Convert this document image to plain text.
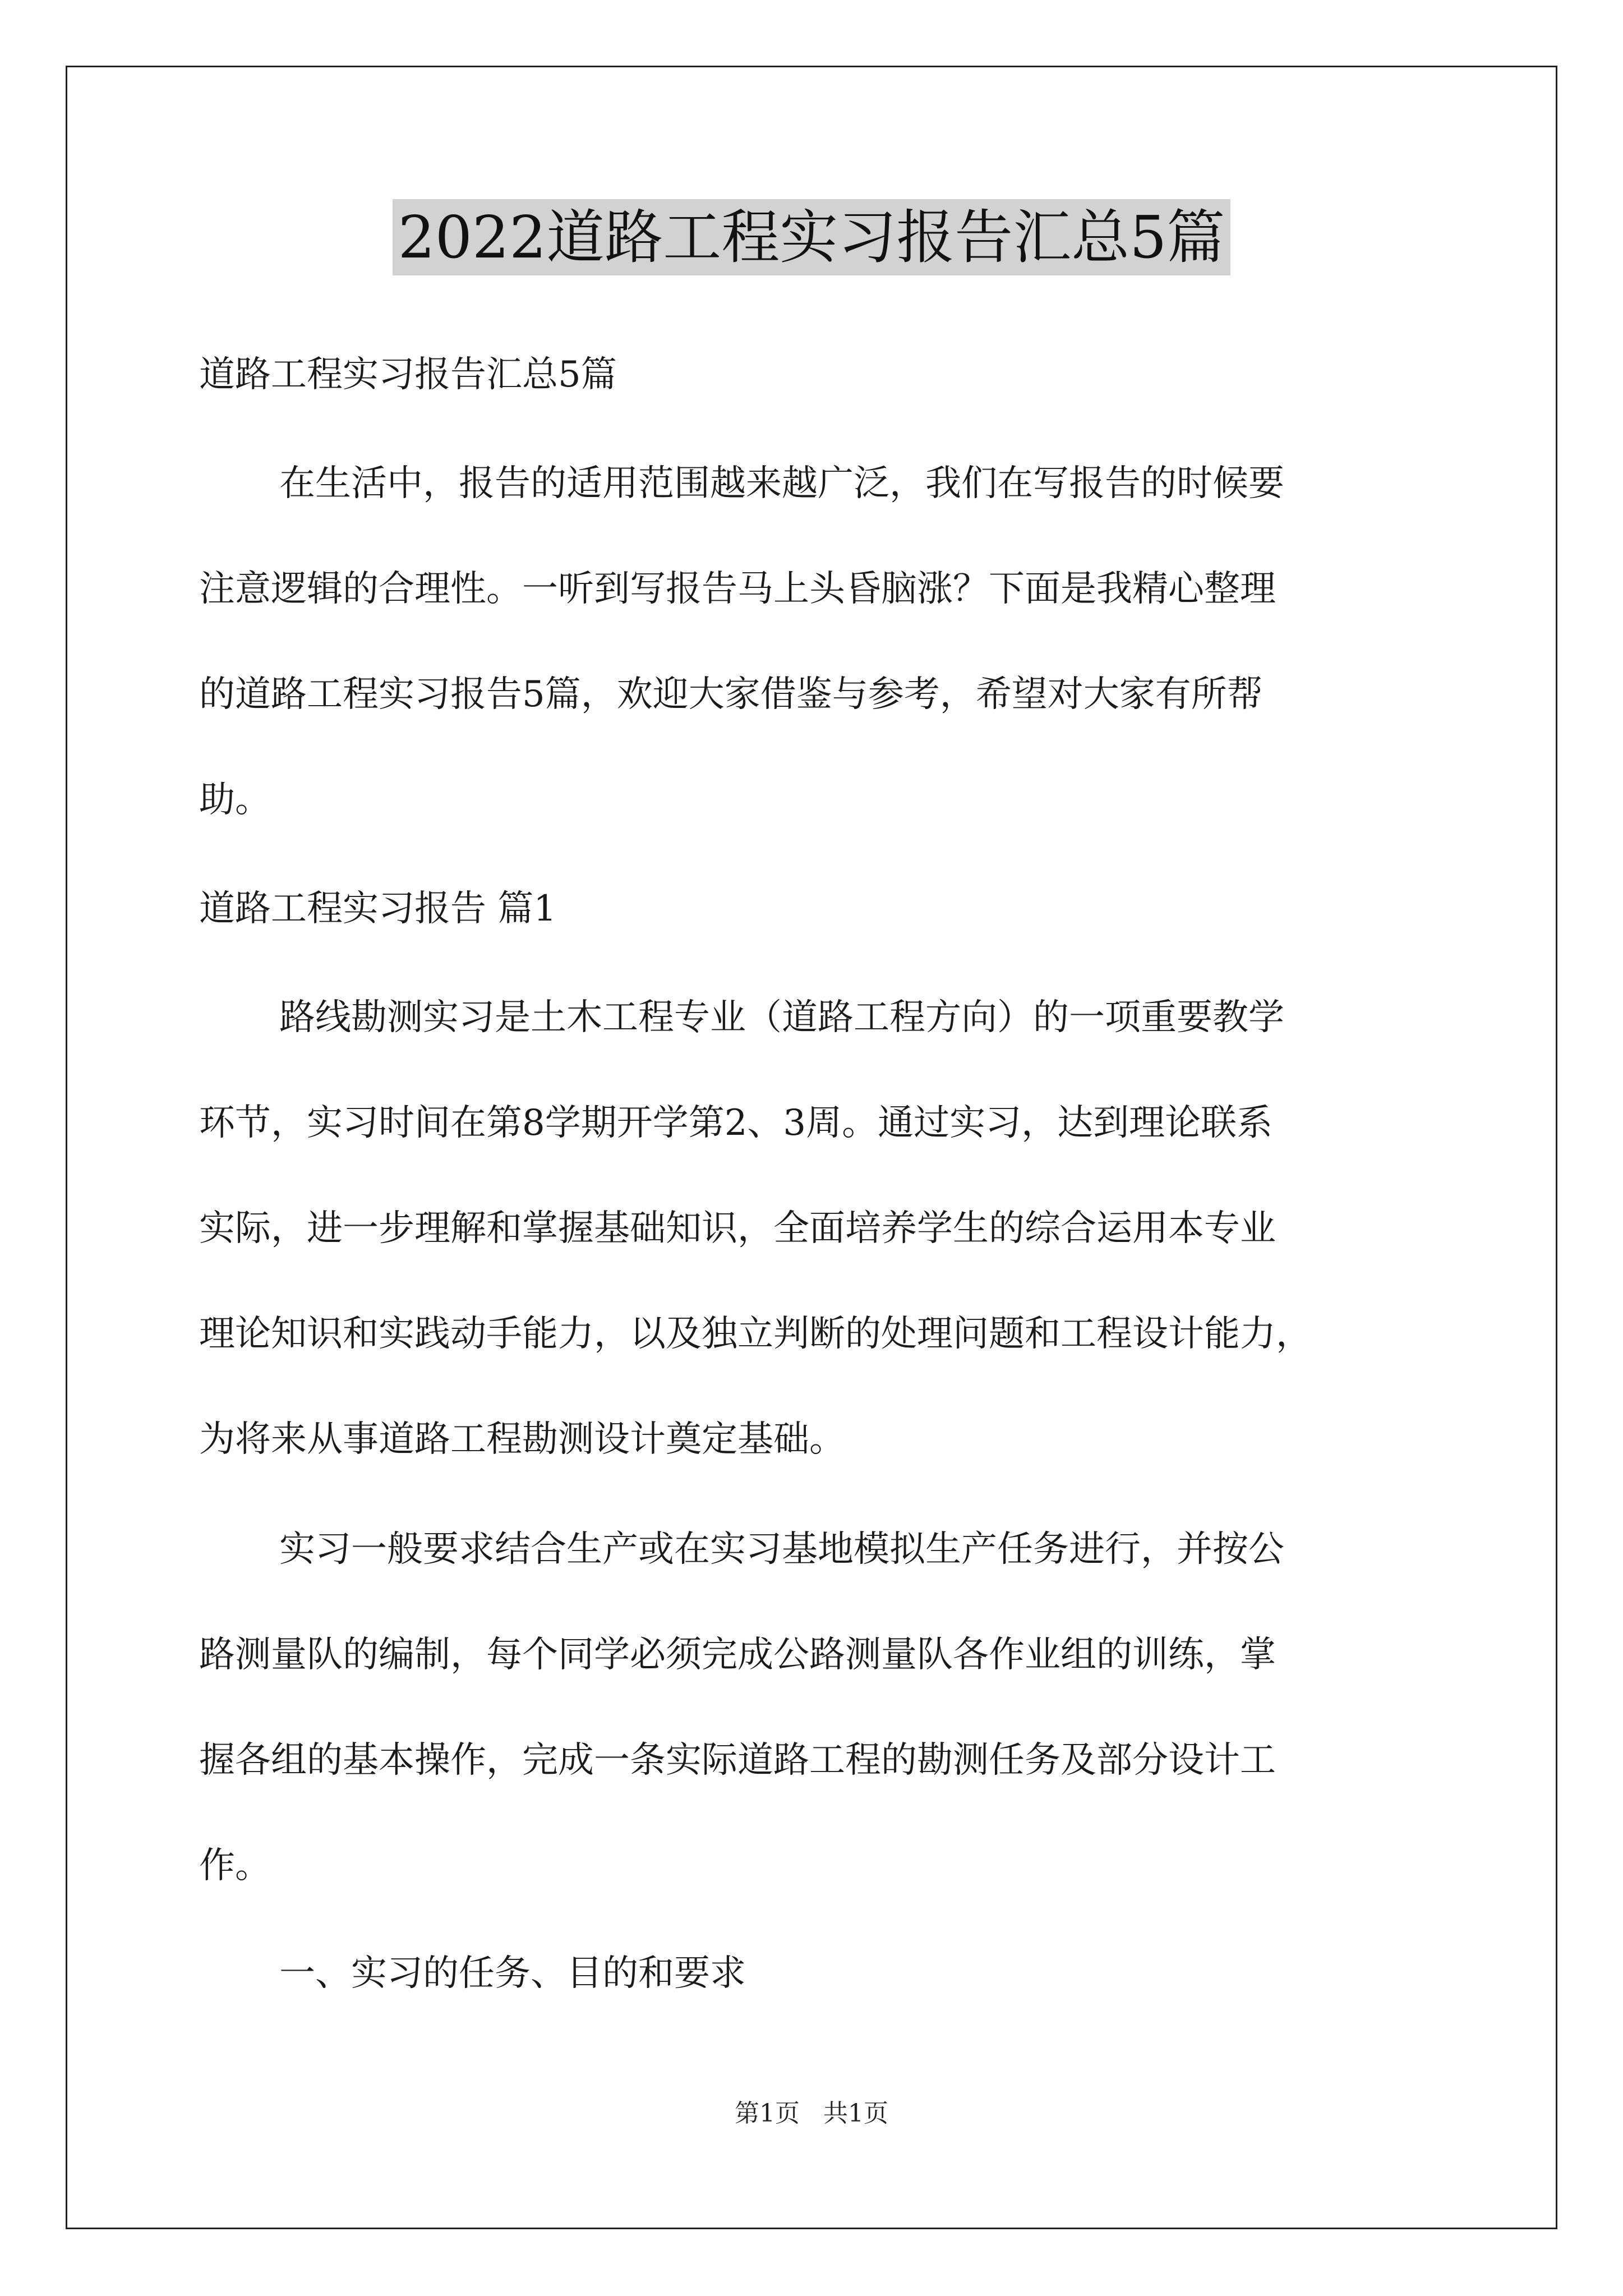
2022道路工程实习报告汇总5篇
道路工程实习报告汇总5篇
在生活中，报告的适用范围越来越广泛，我们在写报告的时候要
注意逻辑的合理性。一听到写报告马上头昏脑涨？下面是我精心整理
的道路工程实习报告5篇，欢迎大家借鉴与参考，希望对大家有所帮
助。
道路工程实习报告 篇1
路线勘测实习是土木工程专业（道路工程方向）的一项重要教学
环节，实习时间在第8学期开学第2、3周。通过实习，达到理论联系
实际，进一步理解和掌握基础知识，全面培养学生的综合运用本专业
理论知识和实践动手能力，以及独立判断的处理问题和工程设计能力，
为将来从事道路工程勘测设计奠定基础。
实习一般要求结合生产或在实习基地模拟生产任务进行，并按公
路测量队的编制，每个同学必须完成公路测量队各作业组的训练，掌
握各组的基本操作，完成一条实际道路工程的勘测任务及部分设计工
作。
一、实习的任务、目的和要求
第1页   共1页
